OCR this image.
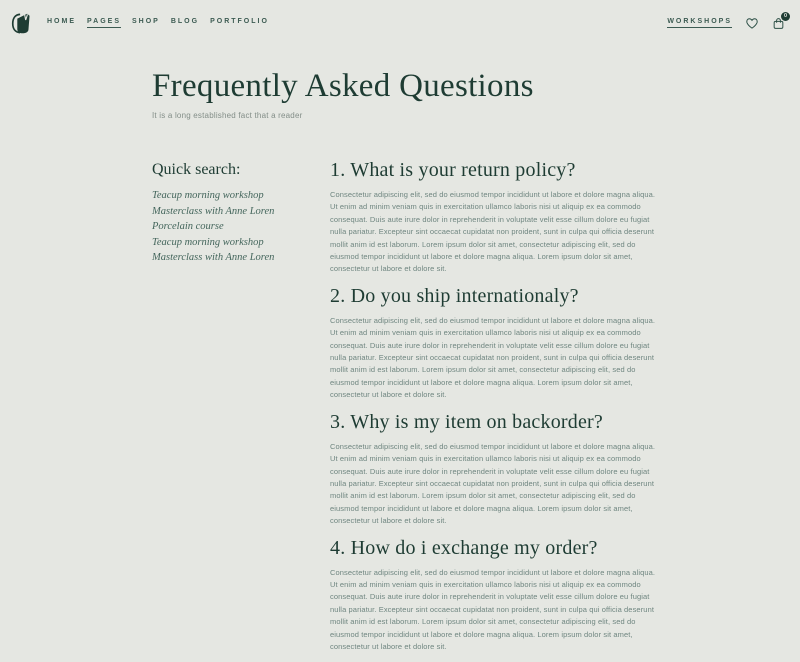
HOME PAGES SHOP BLOG PORTFOLIO	WORKSHOPS
0
Frequently Asked Questions
It is a long established fact that a reader
Quick search:
Teacup morning workshop
Masterclass with Anne Loren
Porcelain course
Teacup morning workshop
Masterclass with Anne Loren
1. What is your return policy?

Consectetur adipiscing elit, sed do eiusmod tempor incididunt ut labore et dolore magna aliqua. Ut enim ad minim veniam quis in exercitation ullamco laboris nisi ut aliquip ex ea commodo consequat. Duis aute irure dolor in reprehenderit in voluptate velit esse cillum dolore eu fugiat nulla pariatur. Excepteur sint occaecat cupidatat non proident, sunt in culpa qui officia deserunt mollit anim id est laborum. Lorem ipsum dolor sit amet, consectetur adipiscing elit, sed do eiusmod tempor incididunt ut labore et dolore magna aliqua. Lorem ipsum dolor sit amet, consectetur ut labore et dolore sit.

2. Do you ship internationaly?

Consectetur adipiscing elit, sed do eiusmod tempor incididunt ut labore et dolore magna aliqua. Ut enim ad minim veniam quis in exercitation ullamco laboris nisi ut aliquip ex ea commodo consequat. Duis aute irure dolor in reprehenderit in voluptate velit esse cillum dolore eu fugiat nulla pariatur. Excepteur sint occaecat cupidatat non proident, sunt in culpa qui officia deserunt mollit anim id est laborum. Lorem ipsum dolor sit amet, consectetur adipiscing elit, sed do eiusmod tempor incididunt ut labore et dolore magna aliqua. Lorem ipsum dolor sit amet, consectetur ut labore et dolore sit.

3. Why is my item on backorder?

Consectetur adipiscing elit, sed do eiusmod tempor incididunt ut labore et dolore magna aliqua. Ut enim ad minim veniam quis in exercitation ullamco laboris nisi ut aliquip ex ea commodo consequat. Duis aute irure dolor in reprehenderit in voluptate velit esse cillum dolore eu fugiat nulla pariatur. Excepteur sint occaecat cupidatat non proident, sunt in culpa qui officia deserunt mollit anim id est laborum. Lorem ipsum dolor sit amet, consectetur adipiscing elit, sed do eiusmod tempor incididunt ut labore et dolore magna aliqua. Lorem ipsum dolor sit amet, consectetur ut labore et dolore sit.

4. How do i exchange my order?

Consectetur adipiscing elit, sed do eiusmod tempor incididunt ut labore et dolore magna aliqua. Ut enim ad minim veniam quis in exercitation ullamco laboris nisi ut aliquip ex ea commodo consequat. Duis aute irure dolor in reprehenderit in voluptate velit esse cillum dolore eu fugiat nulla pariatur. Excepteur sint occaecat cupidatat non proident, sunt in culpa qui officia deserunt mollit anim id est laborum. Lorem ipsum dolor sit amet, consectetur adipiscing elit, sed do eiusmod tempor incididunt ut labore et dolore magna aliqua. Lorem ipsum dolor sit amet, consectetur ut labore et dolore sit.
